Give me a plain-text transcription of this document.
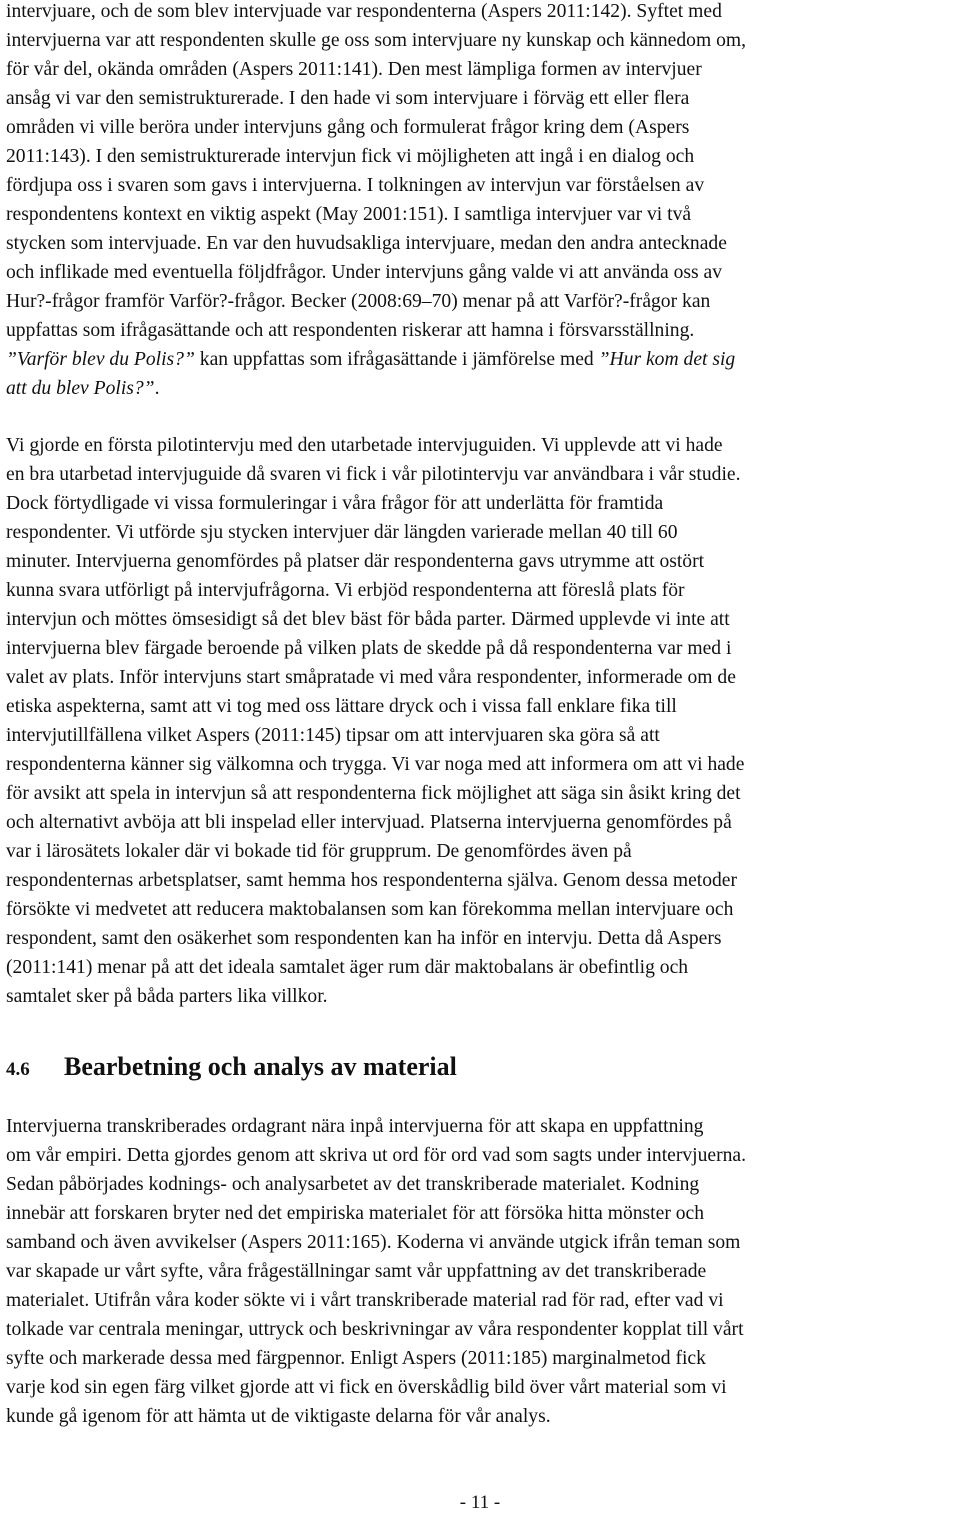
intervjuare, och de som blev intervjuade var respondenterna (Aspers 2011:142). Syftet med
intervjuerna var att respondenten skulle ge oss som intervjuare ny kunskap och kännedom om,
för vår del, okända områden (Aspers 2011:141). Den mest lämpliga formen av intervjuer
ansåg vi var den semistrukturerade. I den hade vi som intervjuare i förväg ett eller flera
områden vi ville beröra under intervjuns gång och formulerat frågor kring dem (Aspers
2011:143). I den semistrukturerade intervjun fick vi möjligheten att ingå i en dialog och
fördjupa oss i svaren som gavs i intervjuerna. I tolkningen av intervjun var förståelsen av
respondentens kontext en viktig aspekt (May 2001:151). I samtliga intervjuer var vi två
stycken som intervjuade. En var den huvudsakliga intervjuare, medan den andra antecknade
och inflikade med eventuella följdfrågor. Under intervjuns gång valde vi att använda oss av
Hur?-frågor framför Varför?-frågor. Becker (2008:69–70) menar på att Varför?-frågor kan
uppfattas som ifrågasättande och att respondenten riskerar att hamna i försvarsställning.
”Varför blev du Polis?” kan uppfattas som ifrågasättande i jämförelse med ”Hur kom det sig
att du blev Polis?”.
Vi gjorde en första pilotintervju med den utarbetade intervjuguiden. Vi upplevde att vi hade
en bra utarbetad intervjuguide då svaren vi fick i vår pilotintervju var användbara i vår studie.
Dock förtydligade vi vissa formuleringar i våra frågor för att underlätta för framtida
respondenter. Vi utförde sju stycken intervjuer där längden varierade mellan 40 till 60
minuter. Intervjuerna genomfördes på platser där respondenterna gavs utrymme att ostört
kunna svara utförligt på intervjufrågorna. Vi erbjöd respondenterna att föreslå plats för
intervjun och möttes ömsesidigt så det blev bäst för båda parter. Därmed upplevde vi inte att
intervjuerna blev färgade beroende på vilken plats de skedde på då respondenterna var med i
valet av plats. Inför intervjuns start småpratade vi med våra respondenter, informerade om de
etiska aspekterna, samt att vi tog med oss lättare dryck och i vissa fall enklare fika till
intervjutillfällena vilket Aspers (2011:145) tipsar om att intervjuaren ska göra så att
respondenterna känner sig välkomna och trygga. Vi var noga med att informera om att vi hade
för avsikt att spela in intervjun så att respondenterna fick möjlighet att säga sin åsikt kring det
och alternativt avböja att bli inspelad eller intervjuad. Platserna intervjuerna genomfördes på
var i lärosätets lokaler där vi bokade tid för grupprum. De genomfördes även på
respondenternas arbetsplatser, samt hemma hos respondenterna själva. Genom dessa metoder
försökte vi medvetet att reducera maktobalansen som kan förekomma mellan intervjuare och
respondent, samt den osäkerhet som respondenten kan ha inför en intervju. Detta då Aspers
(2011:141) menar på att det ideala samtalet äger rum där maktobalans är obefintlig och
samtalet sker på båda parters lika villkor.
4.6	Bearbetning och analys av material
Intervjuerna transkriberades ordagrant nära inpå intervjuerna för att skapa en uppfattning
om vår empiri. Detta gjordes genom att skriva ut ord för ord vad som sagts under intervjuerna.
Sedan påbörjades kodnings- och analysarbetet av det transkriberade materialet. Kodning
innebär att forskaren bryter ned det empiriska materialet för att försöka hitta mönster och
samband och även avvikelser (Aspers 2011:165). Koderna vi använde utgick ifrån teman som
var skapade ur vårt syfte, våra frågeställningar samt vår uppfattning av det transkriberade
materialet. Utifrån våra koder sökte vi i vårt transkriberade material rad för rad, efter vad vi
tolkade var centrala meningar, uttryck och beskrivningar av våra respondenter kopplat till vårt
syfte och markerade dessa med färgpennor. Enligt Aspers (2011:185) marginalmetod fick
varje kod sin egen färg vilket gjorde att vi fick en överskådlig bild över vårt material som vi
kunde gå igenom för att hämta ut de viktigaste delarna för vår analys.
- 11 -
